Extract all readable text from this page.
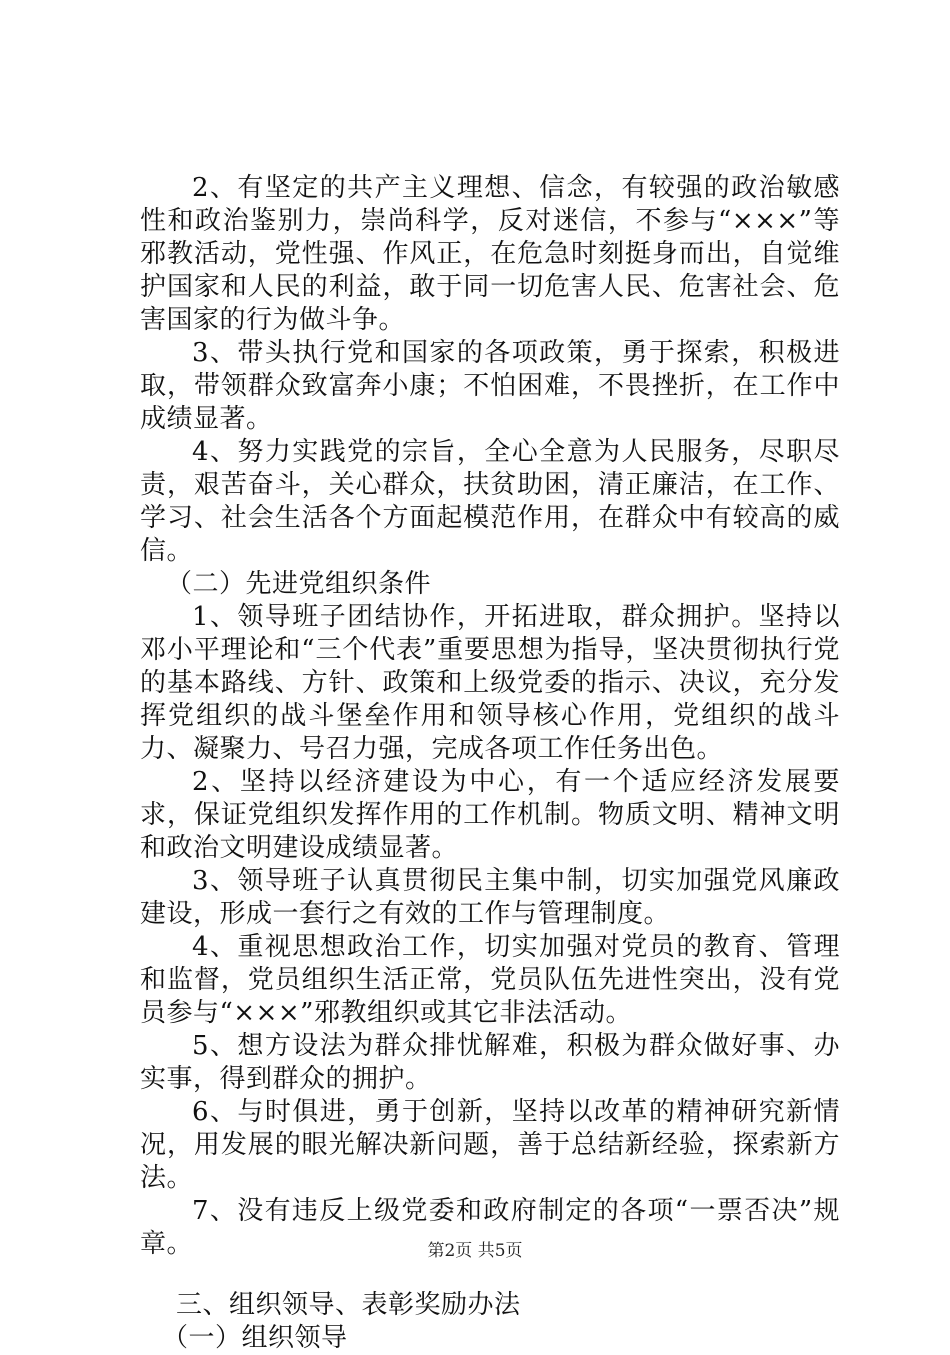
2、有坚定的共产主义理想、信念，有较强的政治敏感性和政治鉴别力，崇尚科学，反对迷信，不参与“×××”等邪教活动，党性强、作风正，在危急时刻挺身而出，自觉维护国家和人民的利益，敢于同一切危害人民、危害社会、危害国家的行为做斗争。

3、带头执行党和国家的各项政策，勇于探索，积极进取，带领群众致富奔小康；不怕困难，不畏挫折，在工作中成绩显著。

4、努力实践党的宗旨，全心全意为人民服务，尽职尽责，艰苦奋斗，关心群众，扶贫助困，清正廉洁，在工作、学习、社会生活各个方面起模范作用，在群众中有较高的威信。

（二）先进党组织条件

1、领导班子团结协作，开拓进取，群众拥护。坚持以邓小平理论和“三个代表”重要思想为指导，坚决贯彻执行党的基本路线、方针、政策和上级党委的指示、决议，充分发挥党组织的战斗堡垒作用和领导核心作用，党组织的战斗力、凝聚力、号召力强，完成各项工作任务出色。

2、坚持以经济建设为中心，有一个适应经济发展要求，保证党组织发挥作用的工作机制。物质文明、精神文明和政治文明建设成绩显著。

3、领导班子认真贯彻民主集中制，切实加强党风廉政建设，形成一套行之有效的工作与管理制度。

4、重视思想政治工作，切实加强对党员的教育、管理和监督，党员组织生活正常，党员队伍先进性突出，没有党员参与“×××”邪教组织或其它非法活动。

5、想方设法为群众排忧解难，积极为群众做好事、办实事，得到群众的拥护。

6、与时俱进，勇于创新，坚持以改革的精神研究新情况，用发展的眼光解决新问题，善于总结新经验，探索新方法。

7、没有违反上级党委和政府制定的各项“一票否决”规章。

三、组织领导、表彰奖励办法

（一）组织领导

第2页 共5页
